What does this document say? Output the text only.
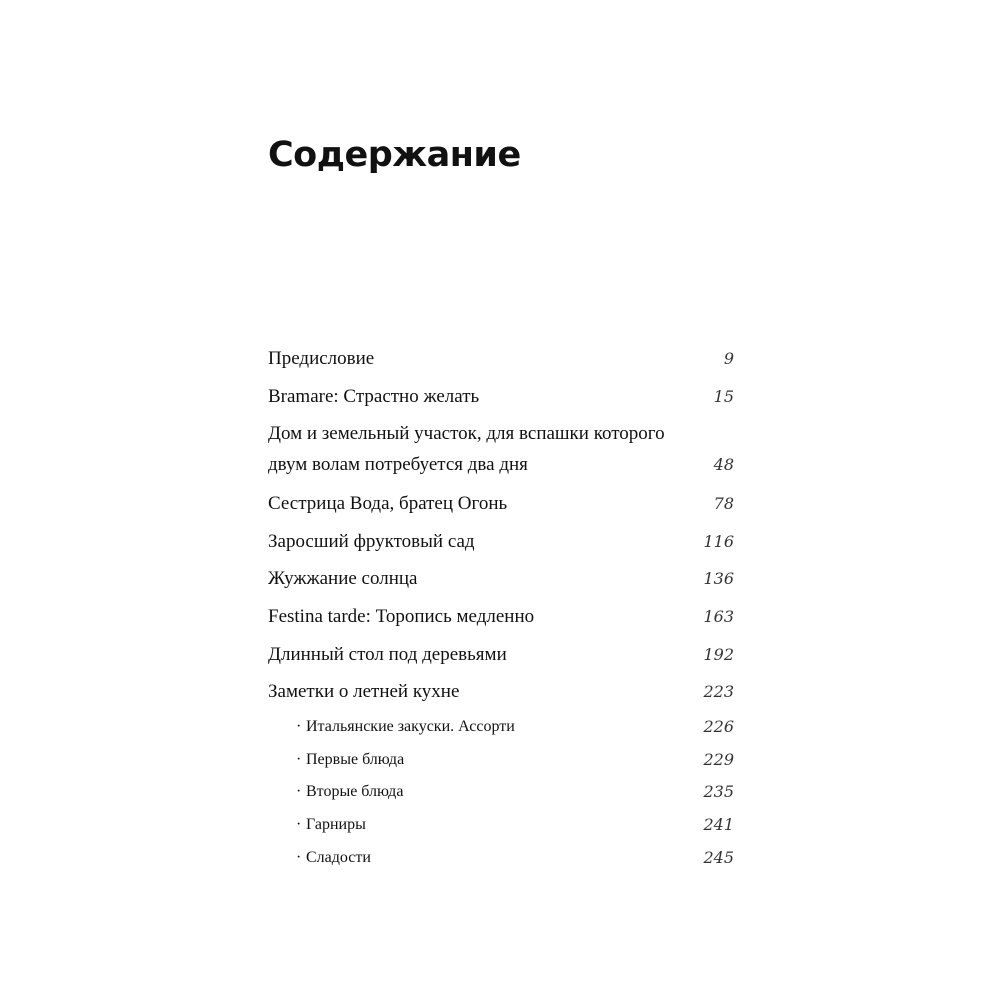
Содержание
Предисловие	9
Bramare: Страстно желать	15
Дом и земельный участок, для вспашки которого двум волам потребуется два дня	48
Сестрица Вода, братец Огонь	78
Заросший фруктовый сад	116
Жужжание солнца	136
Festina tarde: Торопись медленно	163
Длинный стол под деревьями	192
Заметки о летней кухне	223
· Итальянские закуски. Ассорти	226
· Первые блюда	229
· Вторые блюда	235
· Гарниры	241
· Сладости	245
